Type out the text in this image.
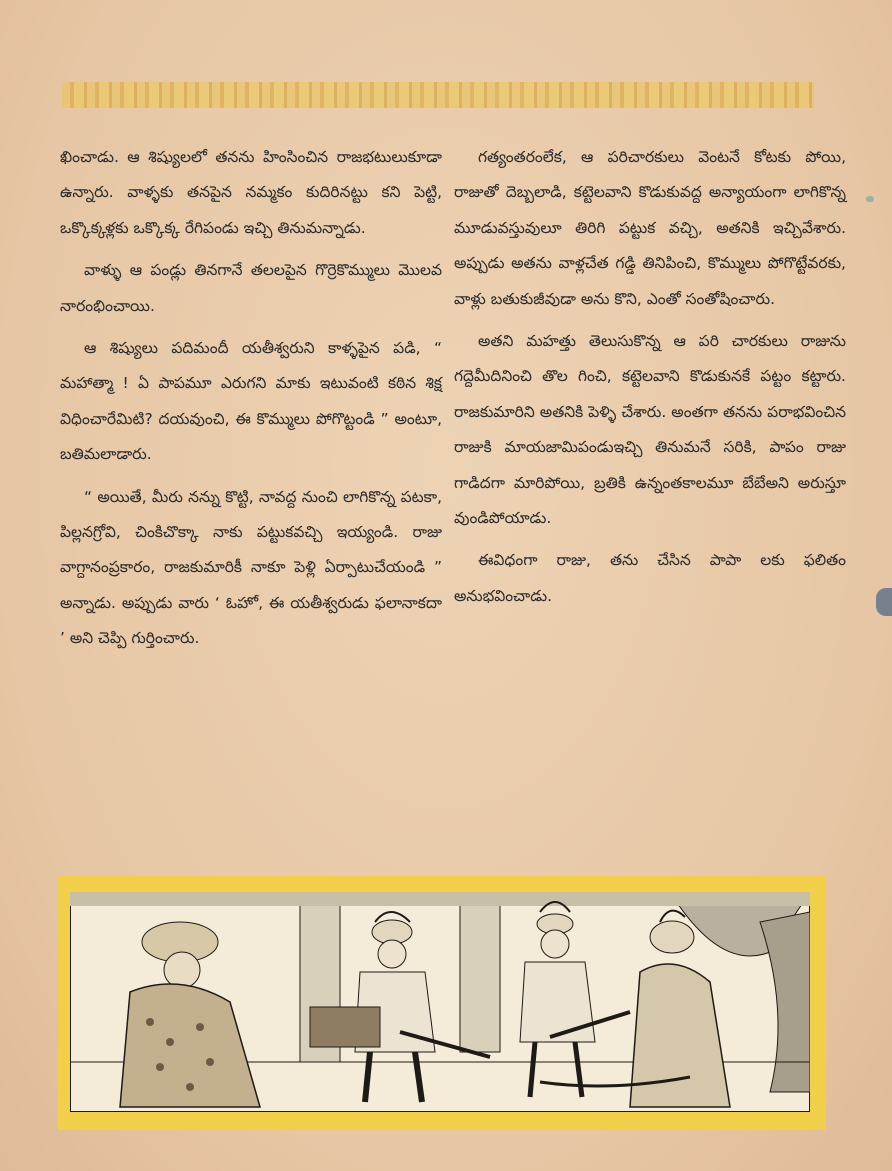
ఖించాడు. ఆ శిష్యులలో తనను హింసించిన రాజభటులుకూడా ఉన్నారు. వాళ్ళకు తనపైన నమ్మకం కుదిరినట్టు కని పెట్టి, ఒక్కొక్కళ్లకు ఒక్కొక్క రేగిపండు ఇచ్చి తినుమన్నాడు.

వాళ్ళు ఆ పండ్లు తినగానే తలలపైన గొర్రెకొమ్ములు మొలవ నారంభించాయి.

ఆ శిష్యులు పదిమందీ యతీశ్వరుని కాళ్ళపైన పడి, “ మహాత్మా ! ఏ పాపమూ ఎరుగని మాకు ఇటువంటి కఠిన శిక్ష విధించారేమిటి? దయవుంచి, ఈ కొమ్ములు పోగొట్టండి ” అంటూ, బతిమలాడారు.

“ అయితే, మీరు నన్ను కొట్టి, నావద్ద నుంచి లాగికొన్న పటకా, పిల్లనగ్రోవి, చింకిచొక్కా నాకు పట్టుకవచ్చి ఇయ్యండి. రాజు వాగ్దానంప్రకారం, రాజకుమారికీ నాకూ పెళ్లి ఏర్పాటుచేయండి ” అన్నాడు. అప్పుడు వారు ‘ ఓహో, ఈ యతీశ్వరుడు ఫలానాకదా ’ అని చెప్పి గుర్తించారు.

గత్యంతరంలేక, ఆ పరిచారకులు వెంటనే కోటకు పోయి, రాజుతో దెబ్బలాడి, కట్టెలవాని కొడుకువద్ద అన్యాయంగా లాగికొన్న మూడువస్తువులూ తిరిగి పట్టుక వచ్చి, అతనికి ఇచ్చివేశారు. అప్పుడు అతను వాళ్లచేత గడ్డి తినిపించి, కొమ్ములు పోగొట్టేవరకు, వాళ్లు బతుకుజీవుడా అను కొని, ఎంతో సంతోషించారు.

అతని మహత్తు తెలుసుకొన్న ఆ పరి చారకులు రాజును గద్దెమీదినించి తొల గించి, కట్టెలవాని కొడుకునకే పట్టం కట్టారు. రాజకుమారిని అతనికి పెళ్ళి చేశారు. అంతగా తనను పరాభవించిన రాజుకి మాయజామిపండుఇచ్చి తినుమనే సరికి, పాపం రాజు గాడిదగా మారిపోయి, బ్రతికి ఉన్నంతకాలమూ బేబేఅని అరుస్తూ వుండిపోయాడు.

ఈవిధంగా రాజు, తను చేసిన పాపా లకు ఫలితం అనుభవించాడు.
